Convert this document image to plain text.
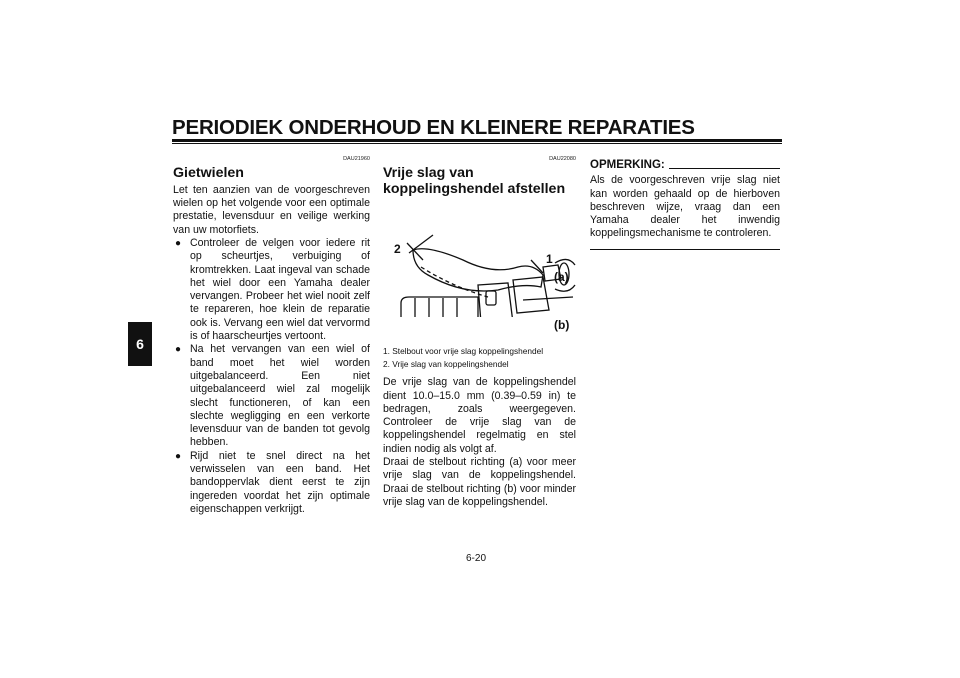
PERIODIEK ONDERHOUD EN KLEINERE REPARATIES
6
DAU21960
Gietwielen

Let ten aanzien van de voorgeschreven wielen op het volgende voor een optimale prestatie, levensduur en veilige werking van uw motorfiets.

● Controleer de velgen voor iedere rit op scheurtjes, verbuiging of kromtrekken. Laat ingeval van schade het wiel door een Yamaha dealer vervangen. Probeer het wiel nooit zelf te repareren, hoe klein de reparatie ook is. Vervang een wiel dat vervormd is of haarscheurtjes vertoont.
● Na het vervangen van een wiel of band moet het wiel worden uitgebalanceerd. Een niet uitgebalanceerd wiel zal mogelijk slecht functioneren, of kan een slechte wegligging en een verkorte levensduur van de banden tot gevolg hebben.
● Rijd niet te snel direct na het verwisselen van een band. Het bandoppervlak dient eerst te zijn ingereden voordat het zijn optimale eigenschappen verkrijgt.
DAU22080
Vrije slag van koppelingshendel afstellen
2
1
(a)
(b)
1. Stelbout voor vrije slag koppelingshendel
2. Vrije slag van koppelingshendel

De vrije slag van de koppelingshendel dient 10.0–15.0 mm (0.39–0.59 in) te bedragen, zoals weergegeven. Controleer de vrije slag van de koppelingshendel regelmatig en stel indien nodig als volgt af.

Draai de stelbout richting (a) voor meer vrije slag van de koppelingshendel. Draai de stelbout richting (b) voor minder vrije slag van de koppelingshendel.

OPMERKING:

Als de voorgeschreven vrije slag niet kan worden gehaald op de hierboven beschreven wijze, vraag dan een Yamaha dealer het inwendig koppelingsmechanisme te controleren.

6-20
